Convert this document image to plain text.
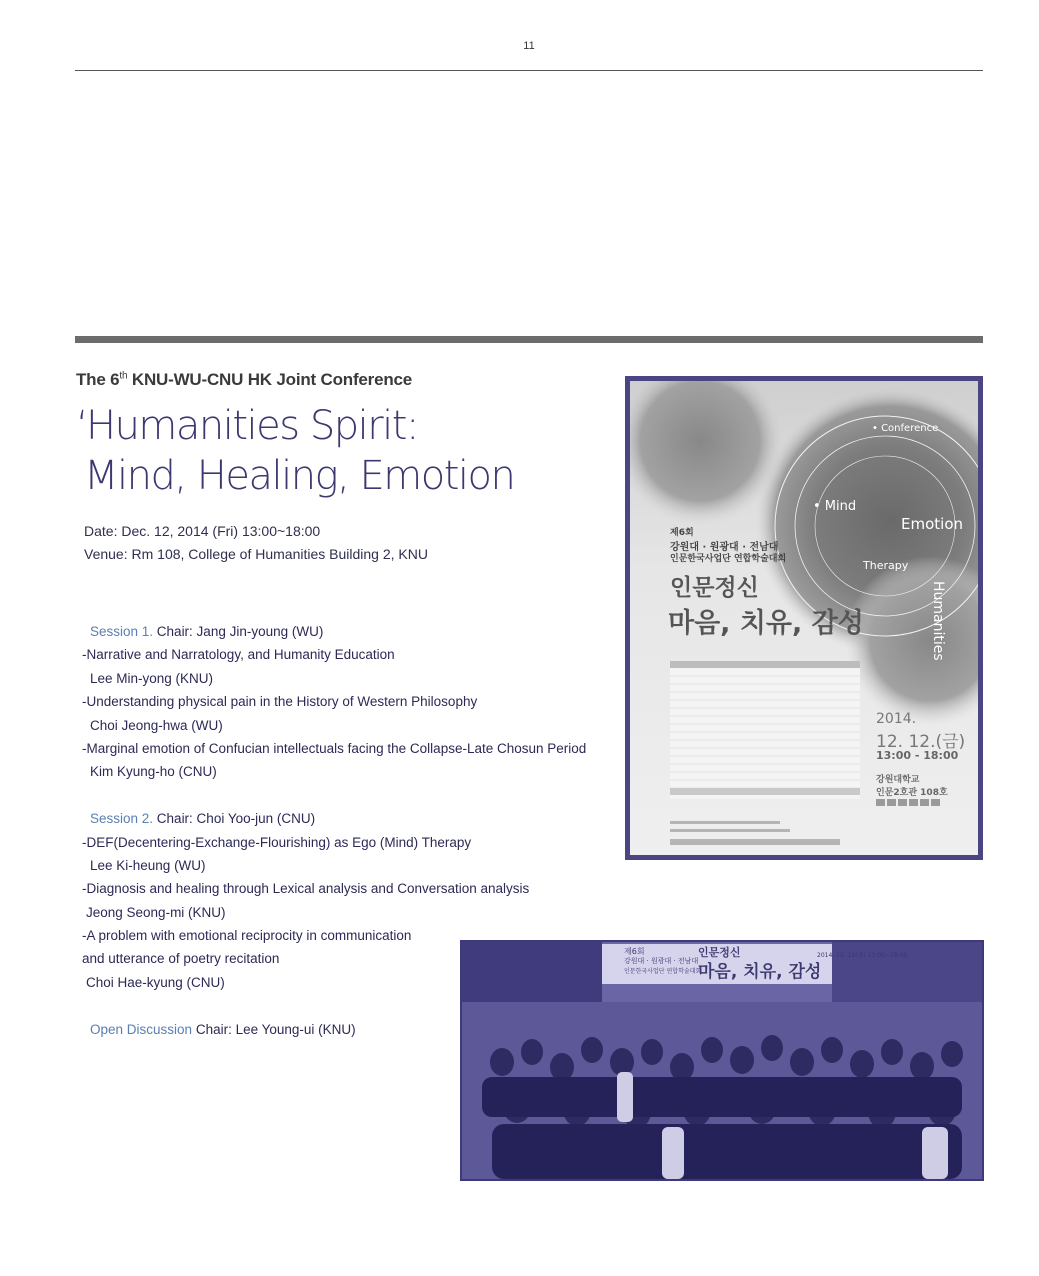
11
The 6th KNU-WU-CNU HK Joint Conference
‘Humanities Spirit:
Mind, Healing, Emotion
Date: Dec. 12, 2014 (Fri) 13:00~18:00
Venue: Rm 108, College of Humanities Building 2, KNU
Session 1. Chair: Jang Jin-young (WU)
-Narrative and Narratology, and Humanity Education
Lee Min-yong (KNU)
-Understanding physical pain in the History of Western Philosophy
Choi Jeong-hwa (WU)
-Marginal emotion of Confucian intellectuals facing the Collapse-Late Chosun Period
Kim Kyung-ho (CNU)
Session 2. Chair: Choi Yoo-jun (CNU)
-DEF(Decentering-Exchange-Flourishing) as Ego (Mind) Therapy
Lee Ki-heung (WU)
-Diagnosis and healing through Lexical analysis and Conversation analysis
Jeong Seong-mi (KNU)
-A problem with emotional reciprocity in communication
and utterance of poetry recitation
Choi Hae-kyung (CNU)
Open Discussion Chair: Lee Young-ui (KNU)
• Conference
• Mind
Emotion
Therapy
Humanities
제6회
강원대 · 원광대 · 전남대
인문한국사업단 연합학술대회
인문정신
마음, 치유, 감성
2014.
12. 12.(금)
13:00 - 18:00
강원대학교
인문2호관 108호
제6회
강원대 · 원광대 · 전남대
인문한국사업단 연합학술대회
인문정신
마음, 치유, 감성
2014. 12. 12(금) 13:00~18:00
